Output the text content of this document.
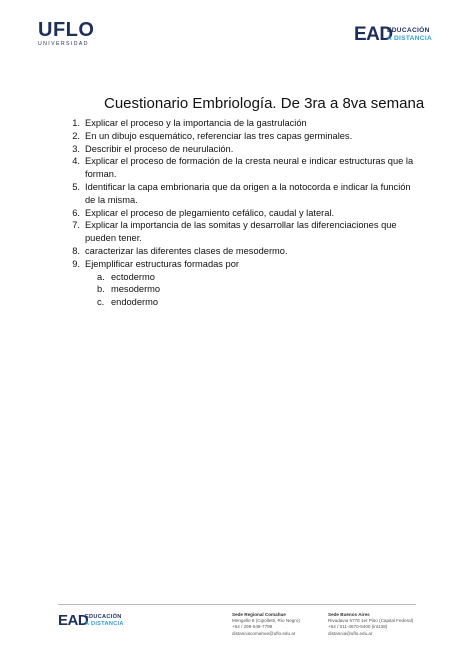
UFLO
UNIVERSIDAD	EAD
EDUCACIÓN
A DISTANCIA
Cuestionario Embriología. De 3ra a 8va semana
1. Explicar el proceso y la importancia de la gastrulación
2. En un dibujo esquemático, referenciar las tres capas germinales.
3. Describir el proceso de neurulación.
4. Explicar el proceso de formación de la cresta neural e indicar estructuras que la forman.
5. Identificar la capa embrionaria que da origen a la notocorda e indicar la función de la misma.
6. Explicar el proceso de plegamiento cefálico, caudal y lateral.
7. Explicar la importancia de las somitas y desarrollar las diferenciaciones que pueden tener.
8. caracterizar las diferentes clases de mesodermo.
9. Ejemplificar estructuras formadas por
a. ectodermo
b. mesodermo
c. endodermo
EAD
EDUCACIÓN
A DISTANCIA
Sede Regional Comahue
Mengelle 8 (Cipolletti, Río Negro)
+54 / 299-548-7799
distanciacomahue@uflo.edu.ar
Sede Buenos Aires
Rivadavia 5778 1er Piso (Capital Federal)
+54 / 011-4670-5400 (int138)
distancia@uflo.edu.ar
